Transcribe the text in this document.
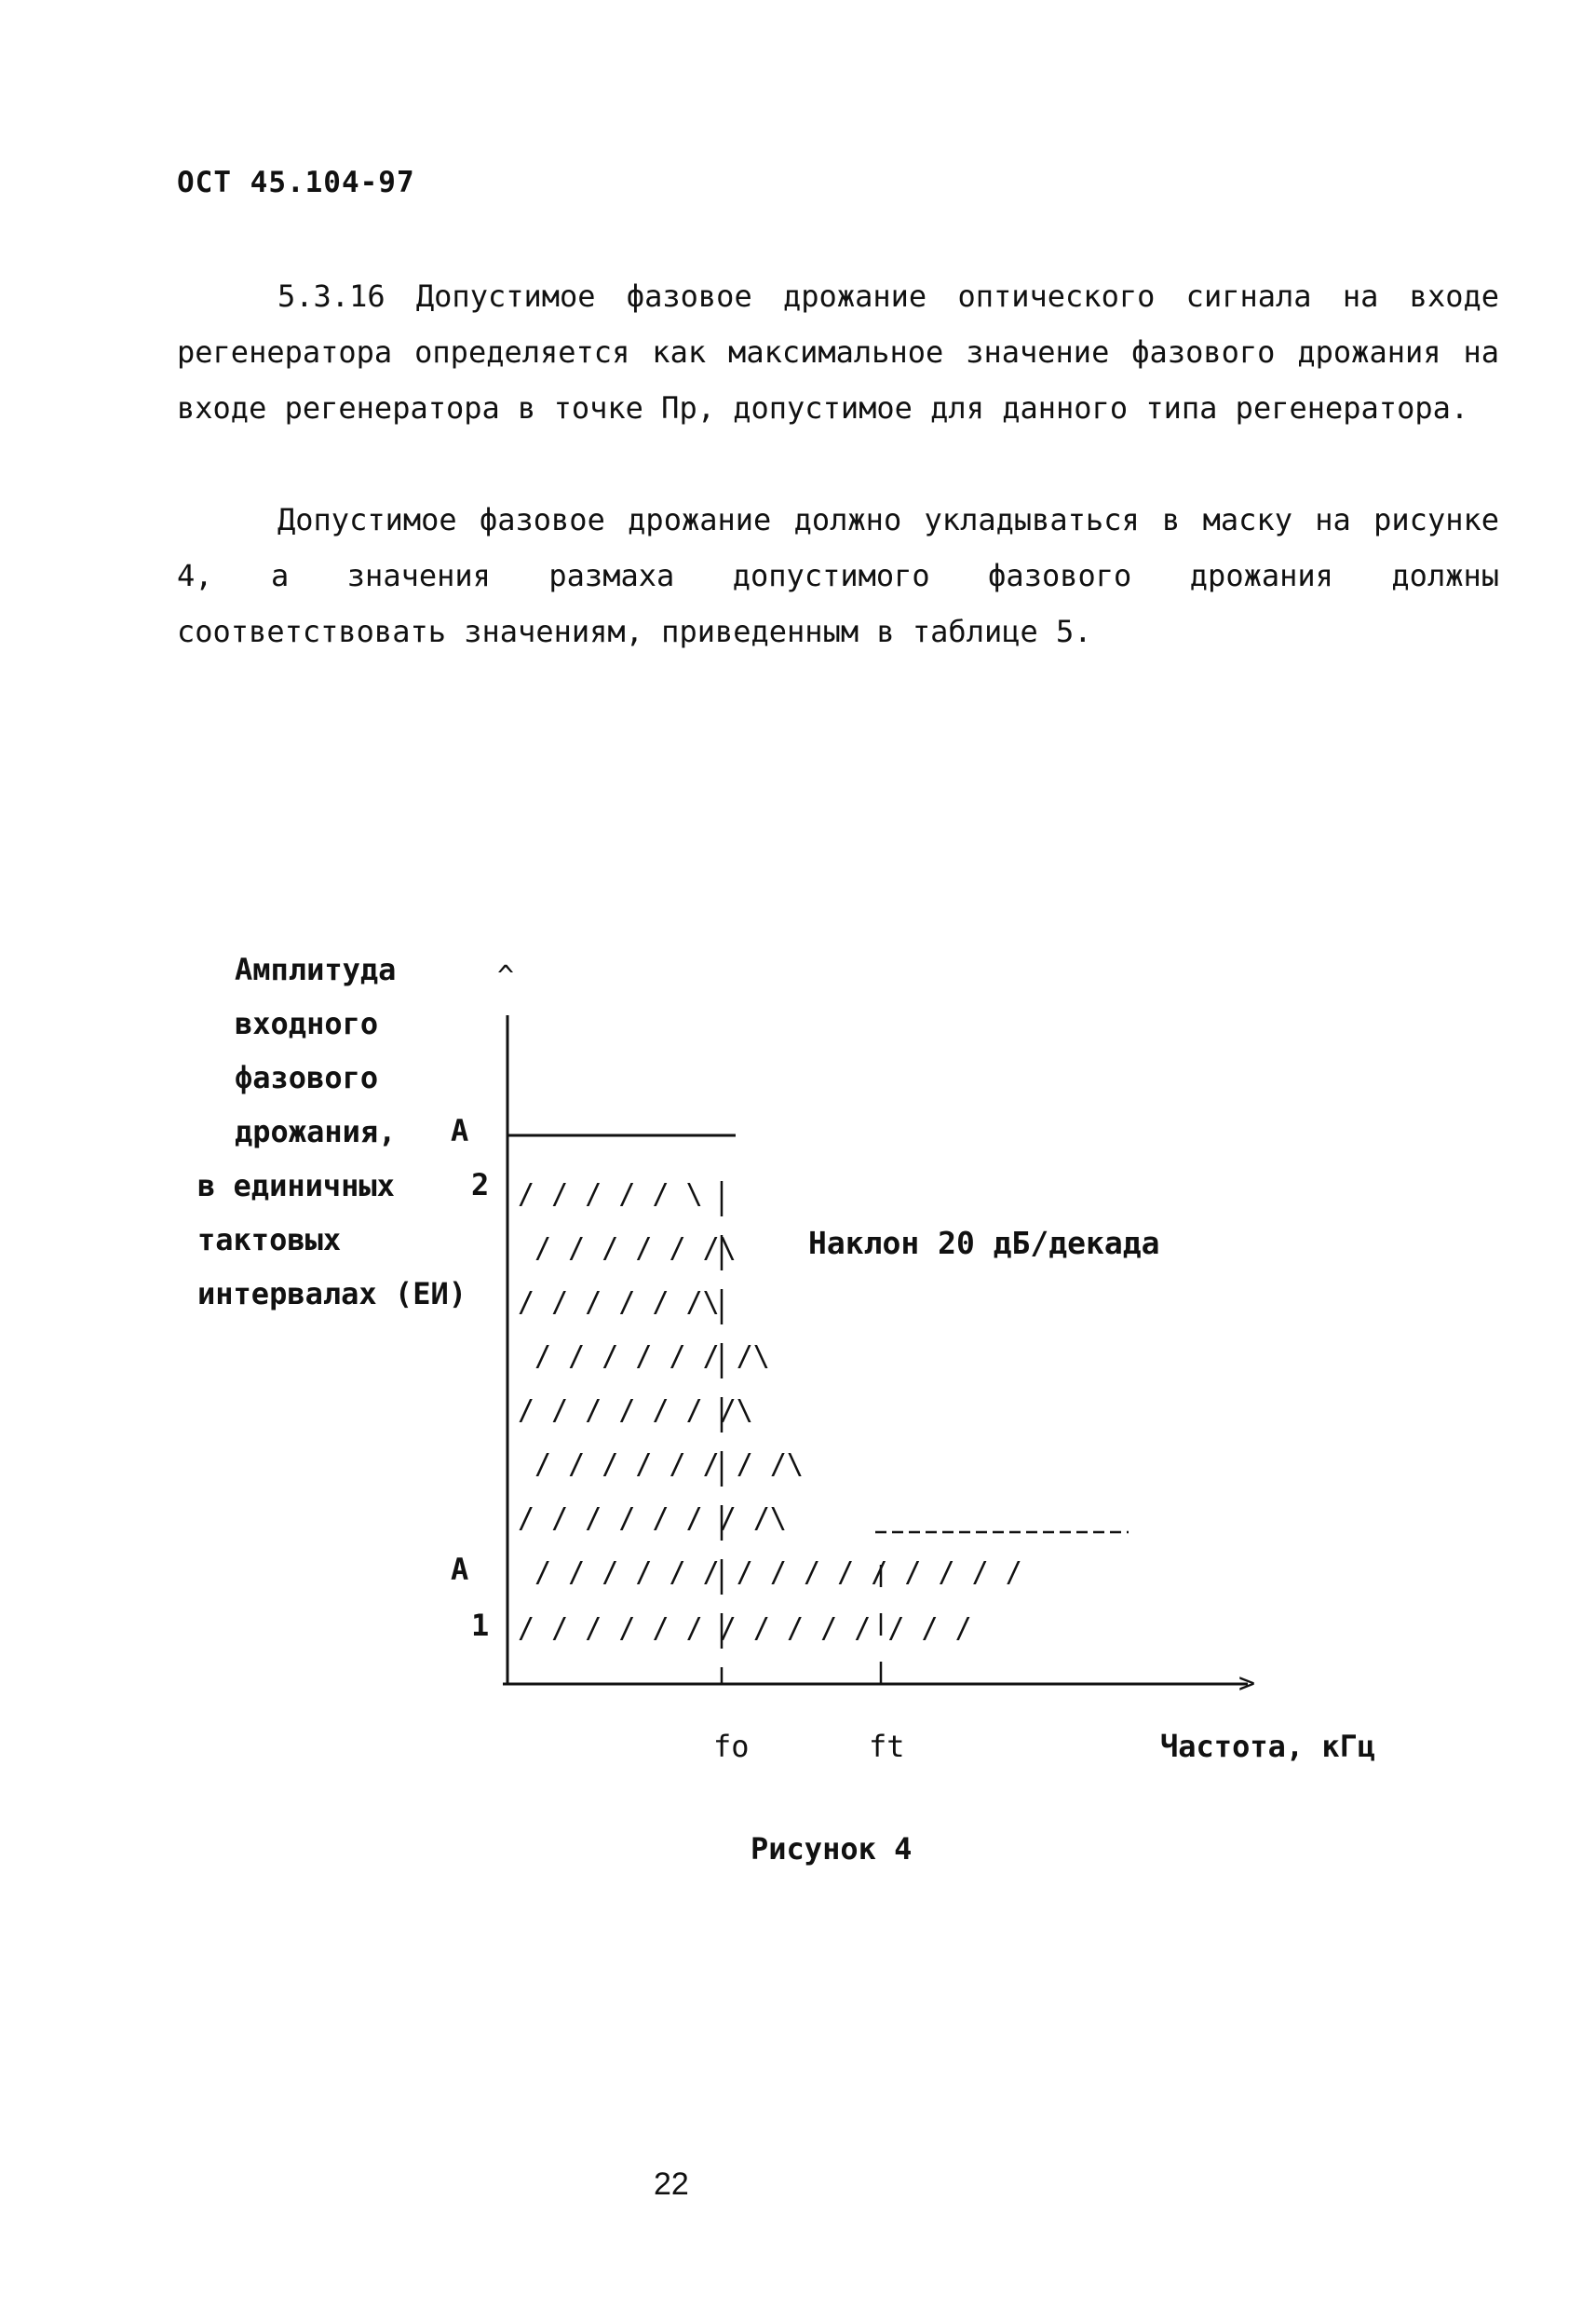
ОСТ 45.104-97
5.3.16 Допустимое фазовое дрожание оптического сигнала на входе регенератора определяется как максимальное значение фазового дрожания на входе регенератора в точке Пр, допустимое для данного типа регенератора.
Допустимое фазовое дрожание должно укладываться в маску на рисунке 4, а значения размаха допустимого фазового дрожания должны соответствовать значениям, приведенным в таблице 5.
Амплитуда
входного
фазового
дрожания,
в единичных
тактовых
интервалах (ЕИ)
A
2
A
1
^
>
/ / / / / \
/ / / / / /\
/ / / / / /\
/ / / / / / /\
/ / / / / / /\
/ / / / / / / /\
/ / / / / / / /\
/ / / / / / / / / / / / / / /
/ / / / / / / / / / / / / /
Наклон 20 дБ/декада
fo	ft	Частота, кГц
Рисунок 4
22
